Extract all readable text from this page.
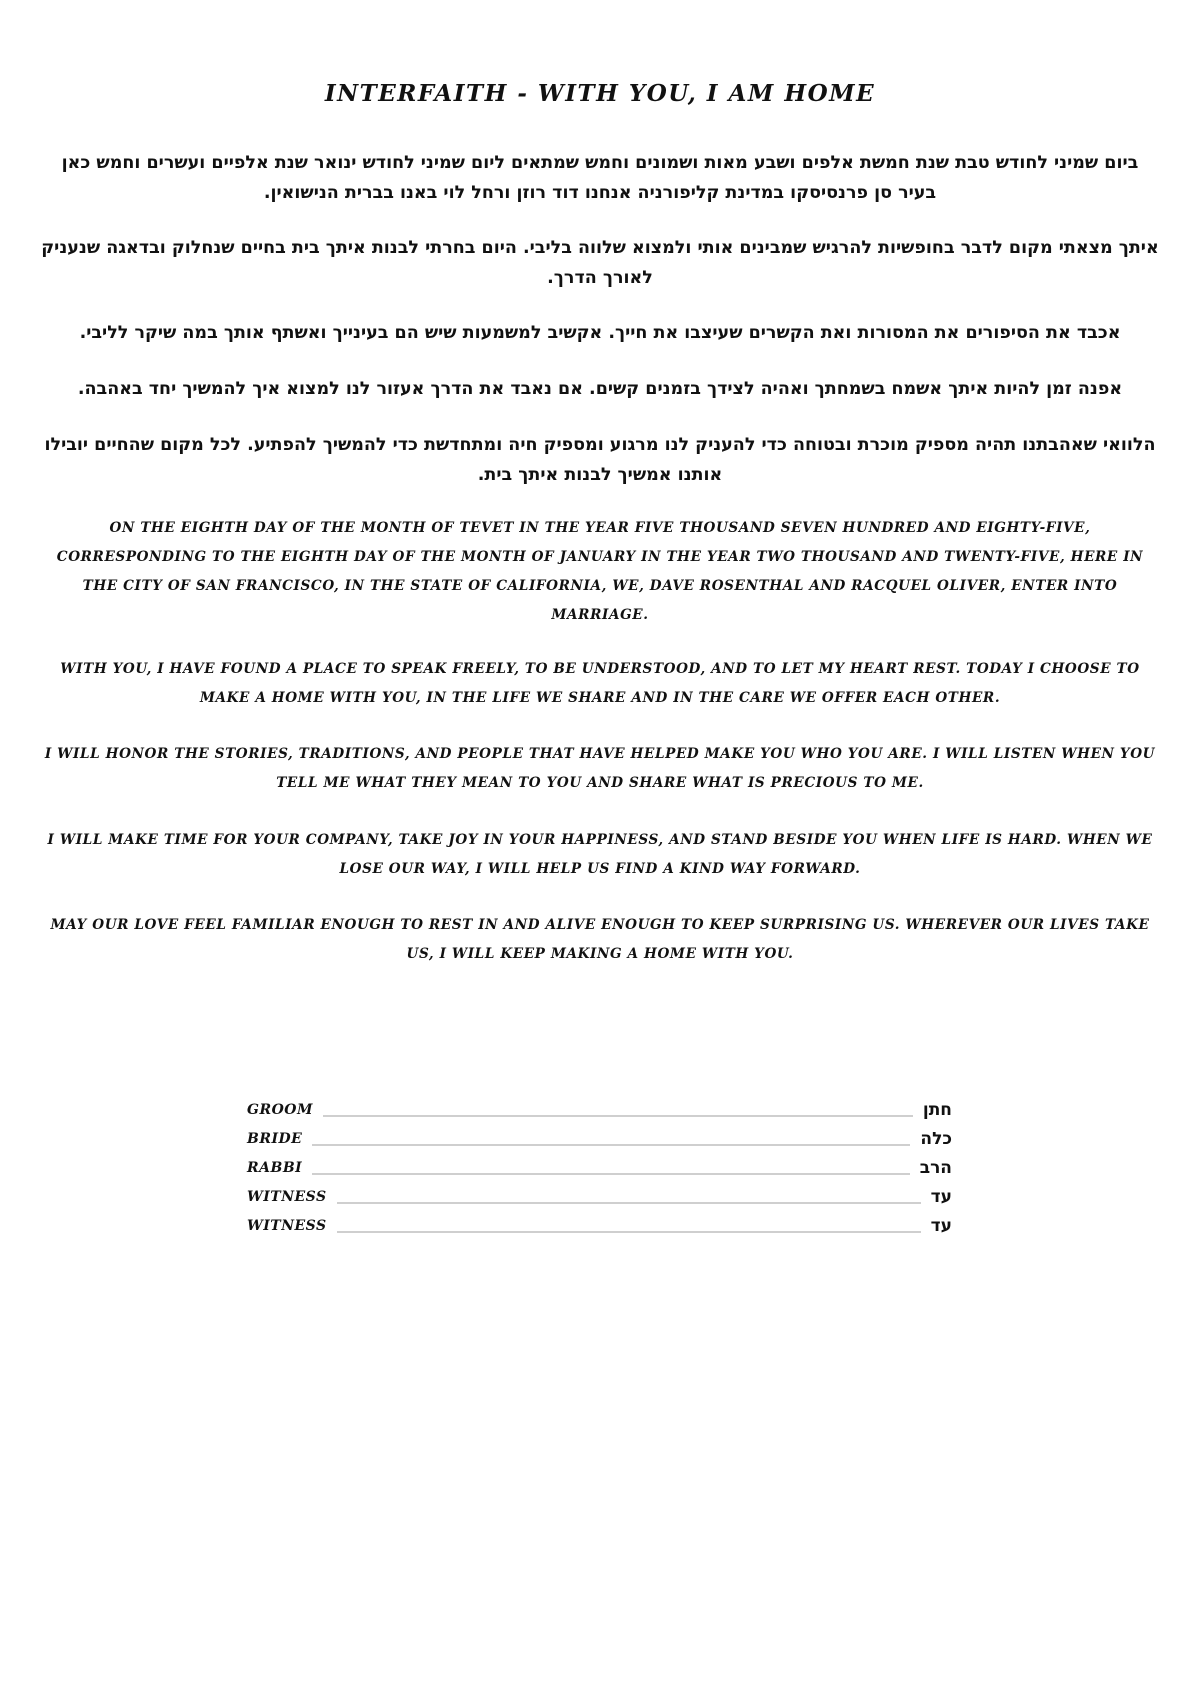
INTERFAITH - WITH YOU, I AM HOME

ביום שמיני לחודש טבת שנת חמשת אלפים ושבע מאות ושמונים וחמש שמתאים ליום שמיני לחודש ינואר שנת אלפיים ועשרים וחמש כאן בעיר סן פרנסיסקו במדינת קליפורניה אנחנו דוד רוזן ורחל לוי באנו בברית הנישואין.

איתך מצאתי מקום לדבר בחופשיות להרגיש שמבינים אותי ולמצוא שלווה בליבי. היום בחרתי לבנות איתך בית בחיים שנחלוק ובדאגה שנעניק לאורך הדרך.

אכבד את הסיפורים את המסורות ואת הקשרים שעיצבו את חייך. אקשיב למשמעות שיש הם בעינייך ואשתף אותך במה שיקר לליבי.

אפנה זמן להיות איתך אשמח בשמחתך ואהיה לצידך בזמנים קשים. אם נאבד את הדרך אעזור לנו למצוא איך להמשיך יחד באהבה.

הלוואי שאהבתנו תהיה מספיק מוכרת ובטוחה כדי להעניק לנו מרגוע ומספיק חיה ומתחדשת כדי להמשיך להפתיע. לכל מקום שהחיים יובילו אותנו אמשיך לבנות איתך בית.

ON THE EIGHTH DAY OF THE MONTH OF TEVET IN THE YEAR FIVE THOUSAND SEVEN HUNDRED AND EIGHTY-FIVE, CORRESPONDING TO THE EIGHTH DAY OF THE MONTH OF JANUARY IN THE YEAR TWO THOUSAND AND TWENTY-FIVE, HERE IN THE CITY OF SAN FRANCISCO, IN THE STATE OF CALIFORNIA, WE, DAVE ROSENTHAL AND RACQUEL OLIVER, ENTER INTO MARRIAGE.

WITH YOU, I HAVE FOUND A PLACE TO SPEAK FREELY, TO BE UNDERSTOOD, AND TO LET MY HEART REST. TODAY I CHOOSE TO MAKE A HOME WITH YOU, IN THE LIFE WE SHARE AND IN THE CARE WE OFFER EACH OTHER.

I WILL HONOR THE STORIES, TRADITIONS, AND PEOPLE THAT HAVE HELPED MAKE YOU WHO YOU ARE. I WILL LISTEN WHEN YOU TELL ME WHAT THEY MEAN TO YOU AND SHARE WHAT IS PRECIOUS TO ME.

I WILL MAKE TIME FOR YOUR COMPANY, TAKE JOY IN YOUR HAPPINESS, AND STAND BESIDE YOU WHEN LIFE IS HARD. WHEN WE LOSE OUR WAY, I WILL HELP US FIND A KIND WAY FORWARD.

MAY OUR LOVE FEEL FAMILIAR ENOUGH TO REST IN AND ALIVE ENOUGH TO KEEP SURPRISING US. WHEREVER OUR LIVES TAKE US, I WILL KEEP MAKING A HOME WITH YOU.

GROOM	חתן
BRIDE	כלה
RABBI	הרב
WITNESS	עד
WITNESS	עד
